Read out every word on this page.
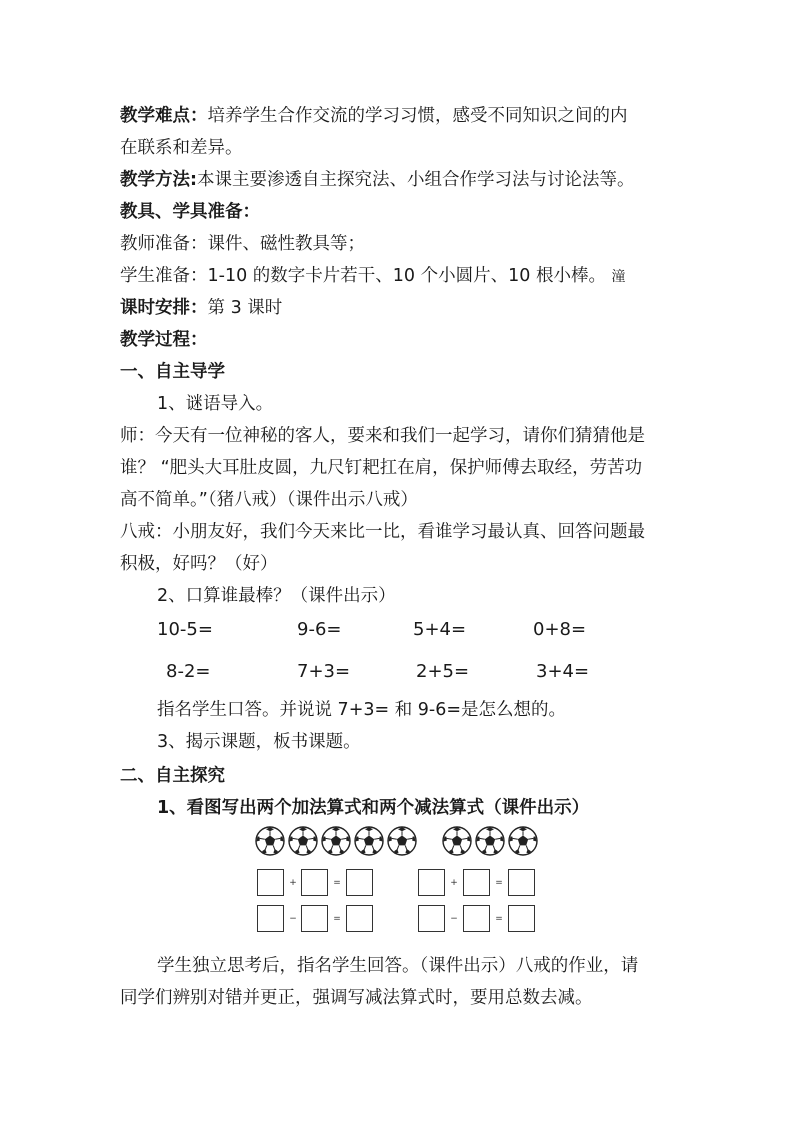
教学难点：培养学生合作交流的学习习惯，感受不同知识之间的内
在联系和差异。
教学方法:本课主要渗透自主探究法、小组合作学习法与讨论法等。
教具、学具准备：
教师准备：课件、磁性教具等；
学生准备：1-10 的数字卡片若干、10 个小圆片、10 根小棒。 潼
课时安排：第 3 课时
教学过程：
一、自主导学
1、谜语导入。
师：今天有一位神秘的客人，要来和我们一起学习，请你们猜猜他是
谁？ “肥头大耳肚皮圆，九尺钉耙扛在肩，保护师傅去取经，劳苦功
高不简单。”（猪八戒）（课件出示八戒）
八戒：小朋友好，我们今天来比一比，看谁学习最认真、回答问题最
积极，好吗？（好）
2、口算谁最棒？（课件出示）
10-5=	9-6=	5+4=	0+8=
8-2=	7+3=	2+5=	3+4=
指名学生口答。并说说 7+3= 和 9-6=是怎么想的。
3、揭示课题，板书课题。
二、自主探究
1、看图写出两个加法算式和两个减法算式（课件出示）
+	=	+	=
−	=	−	=
学生独立思考后，指名学生回答。（课件出示）八戒的作业，请
同学们辨别对错并更正，强调写减法算式时，要用总数去减。
